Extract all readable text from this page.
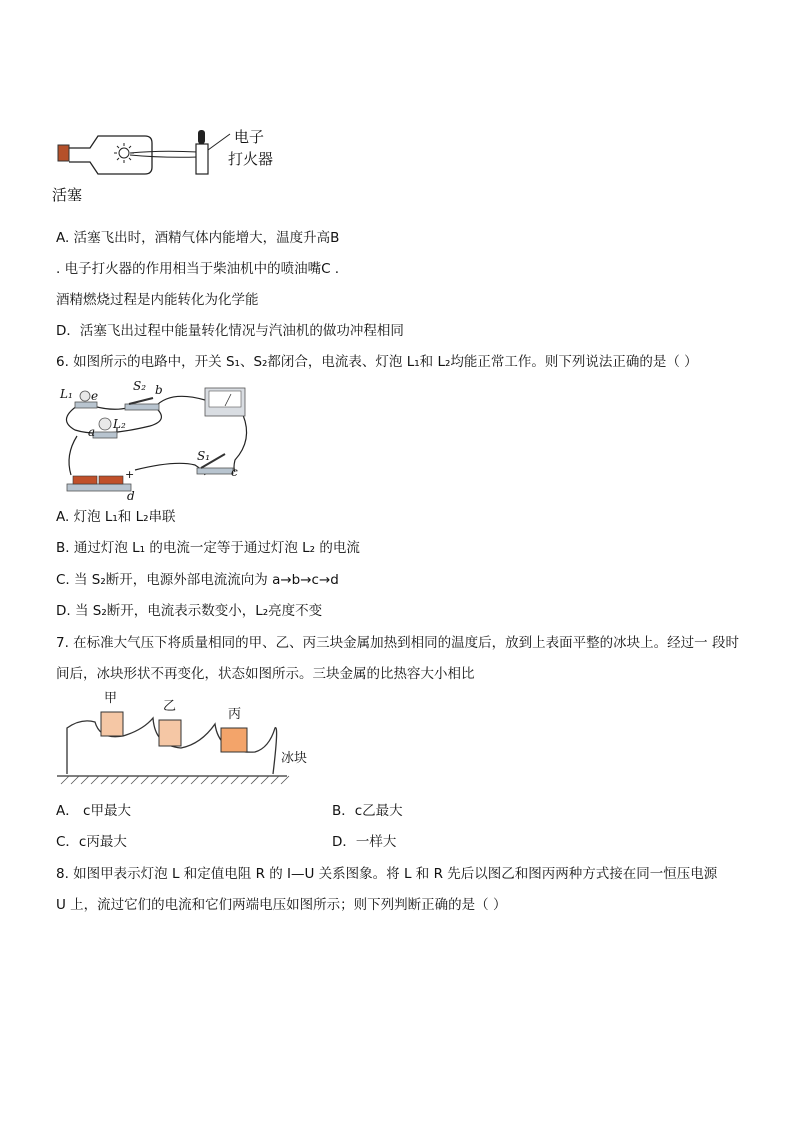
电子
打火器
活塞
A. 活塞飞出时，酒精气体内能增大，温度升高B
. 电子打火器的作用相当于柴油机中的喷油嘴C .
酒精燃烧过程是内能转化为化学能
D．活塞飞出过程中能量转化情况与汽油机的做功冲程相同
6. 如图所示的电路中，开关 S₁、S₂都闭合，电流表、灯泡 L₁和 L₂均能正常工作。则下列说法正确的是（ ）
L₁ e
S₂ b
L₂
a
S₁
c
d
+
A. 灯泡 L₁和 L₂串联
B. 通过灯泡 L₁ 的电流一定等于通过灯泡 L₂ 的电流
C. 当 S₂断开，电源外部电流流向为 a→b→c→d
D. 当 S₂断开，电流表示数变小，L₂亮度不变
7. 在标准大气压下将质量相同的甲、乙、丙三块金属加热到相同的温度后，放到上表面平整的冰块上。经过一 段时
间后，冰块形状不再变化，状态如图所示。三块金属的比热容大小相比
甲
乙
丙
冰块
A． c甲最大	B．c乙最大
C．c丙最大	D．一样大
8. 如图甲表示灯泡 L 和定值电阻 R 的 I—U 关系图象。将 L 和 R 先后以图乙和图丙两种方式接在同一恒压电源
U 上，流过它们的电流和它们两端电压如图所示；则下列判断正确的是（ ）
